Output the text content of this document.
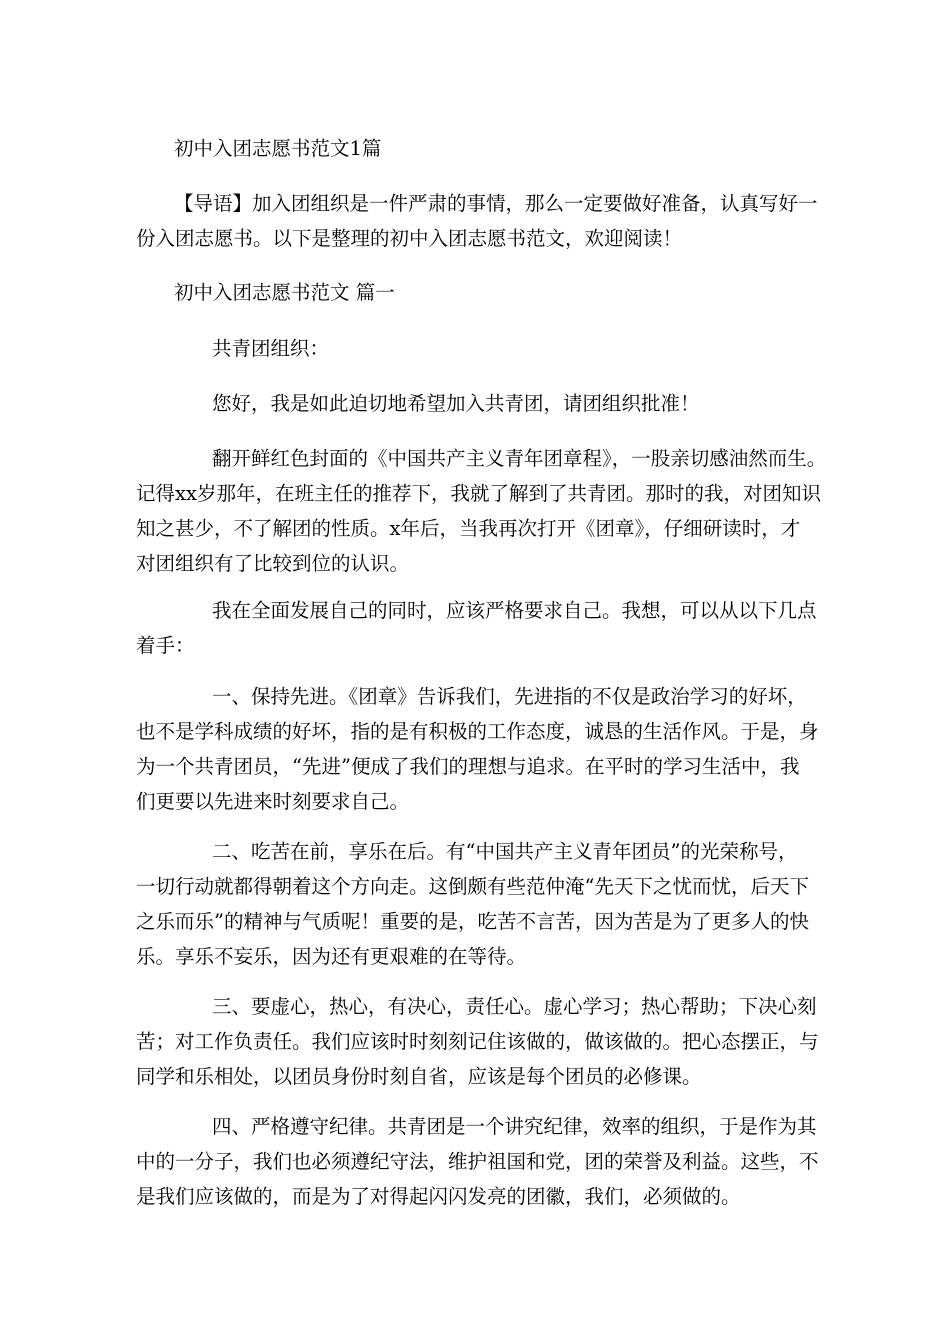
初中入团志愿书范文1篇
【导语】加入团组织是一件严肃的事情，那么一定要做好准备，认真写好一
份入团志愿书。以下是整理的初中入团志愿书范文，欢迎阅读！
初中入团志愿书范文 篇一
共青团组织：
您好，我是如此迫切地希望加入共青团，请团组织批准！
翻开鲜红色封面的《中国共产主义青年团章程》，一股亲切感油然而生。
记得xx岁那年，在班主任的推荐下，我就了解到了共青团。那时的我，对团知识
知之甚少，不了解团的性质。x年后，当我再次打开《团章》，仔细研读时，才
对团组织有了比较到位的认识。
我在全面发展自己的同时，应该严格要求自己。我想，可以从以下几点
着手：
一、保持先进。《团章》告诉我们，先进指的不仅是政治学习的好坏，
也不是学科成绩的好坏，指的是有积极的工作态度，诚恳的生活作风。于是，身
为一个共青团员，“先进”便成了我们的理想与追求。在平时的学习生活中，我
们更要以先进来时刻要求自己。
二、吃苦在前，享乐在后。有“中国共产主义青年团员”的光荣称号，
一切行动就都得朝着这个方向走。这倒颇有些范仲淹“先天下之忧而忧，后天下
之乐而乐”的精神与气质呢！重要的是，吃苦不言苦，因为苦是为了更多人的快
乐。享乐不妄乐，因为还有更艰难的在等待。
三、要虚心，热心，有决心，责任心。虚心学习；热心帮助；下决心刻
苦；对工作负责任。我们应该时时刻刻记住该做的，做该做的。把心态摆正，与
同学和乐相处，以团员身份时刻自省，应该是每个团员的必修课。
四、严格遵守纪律。共青团是一个讲究纪律，效率的组织，于是作为其
中的一分子，我们也必须遵纪守法，维护祖国和党，团的荣誉及利益。这些，不
是我们应该做的，而是为了对得起闪闪发亮的团徽，我们，必须做的。
